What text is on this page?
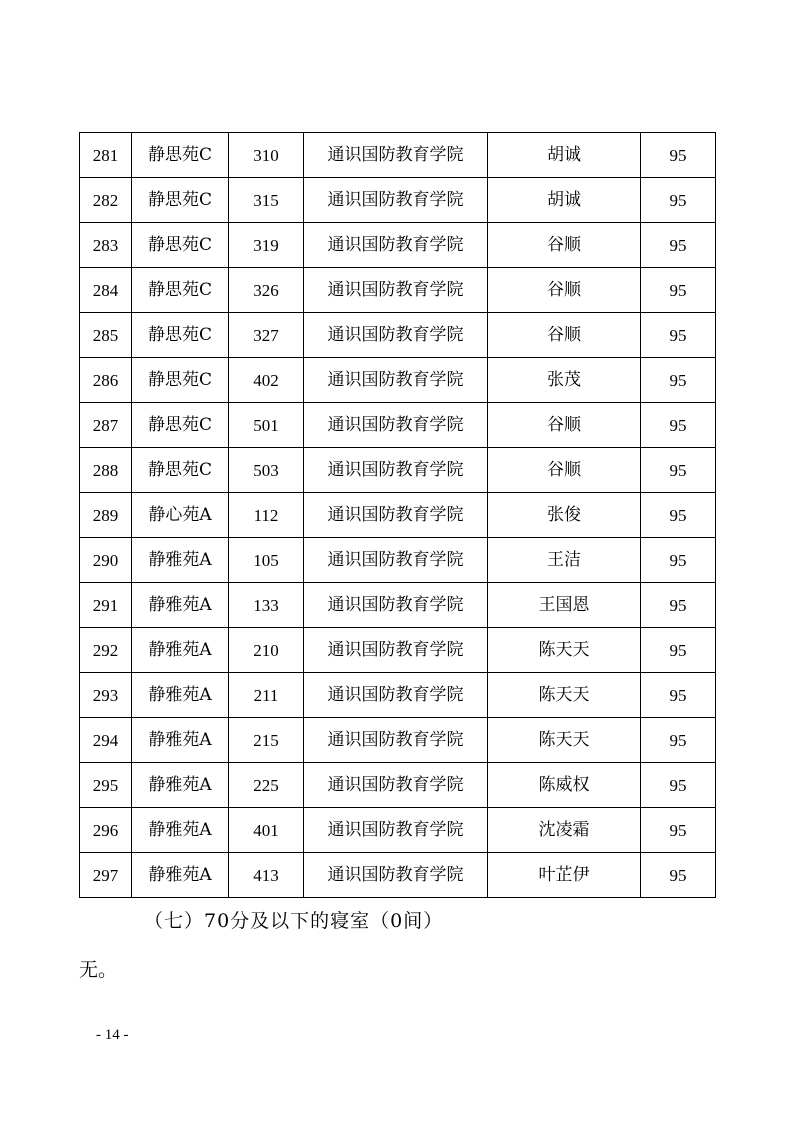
281	静思苑C	310	通识国防教育学院	胡诚	95
282	静思苑C	315	通识国防教育学院	胡诚	95
283	静思苑C	319	通识国防教育学院	谷顺	95
284	静思苑C	326	通识国防教育学院	谷顺	95
285	静思苑C	327	通识国防教育学院	谷顺	95
286	静思苑C	402	通识国防教育学院	张茂	95
287	静思苑C	501	通识国防教育学院	谷顺	95
288	静思苑C	503	通识国防教育学院	谷顺	95
289	静心苑A	112	通识国防教育学院	张俊	95
290	静雅苑A	105	通识国防教育学院	王洁	95
291	静雅苑A	133	通识国防教育学院	王国恩	95
292	静雅苑A	210	通识国防教育学院	陈天天	95
293	静雅苑A	211	通识国防教育学院	陈天天	95
294	静雅苑A	215	通识国防教育学院	陈天天	95
295	静雅苑A	225	通识国防教育学院	陈威权	95
296	静雅苑A	401	通识国防教育学院	沈凌霜	95
297	静雅苑A	413	通识国防教育学院	叶芷伊	95
（七）70分及以下的寝室（0间）
无。
- 14 -
